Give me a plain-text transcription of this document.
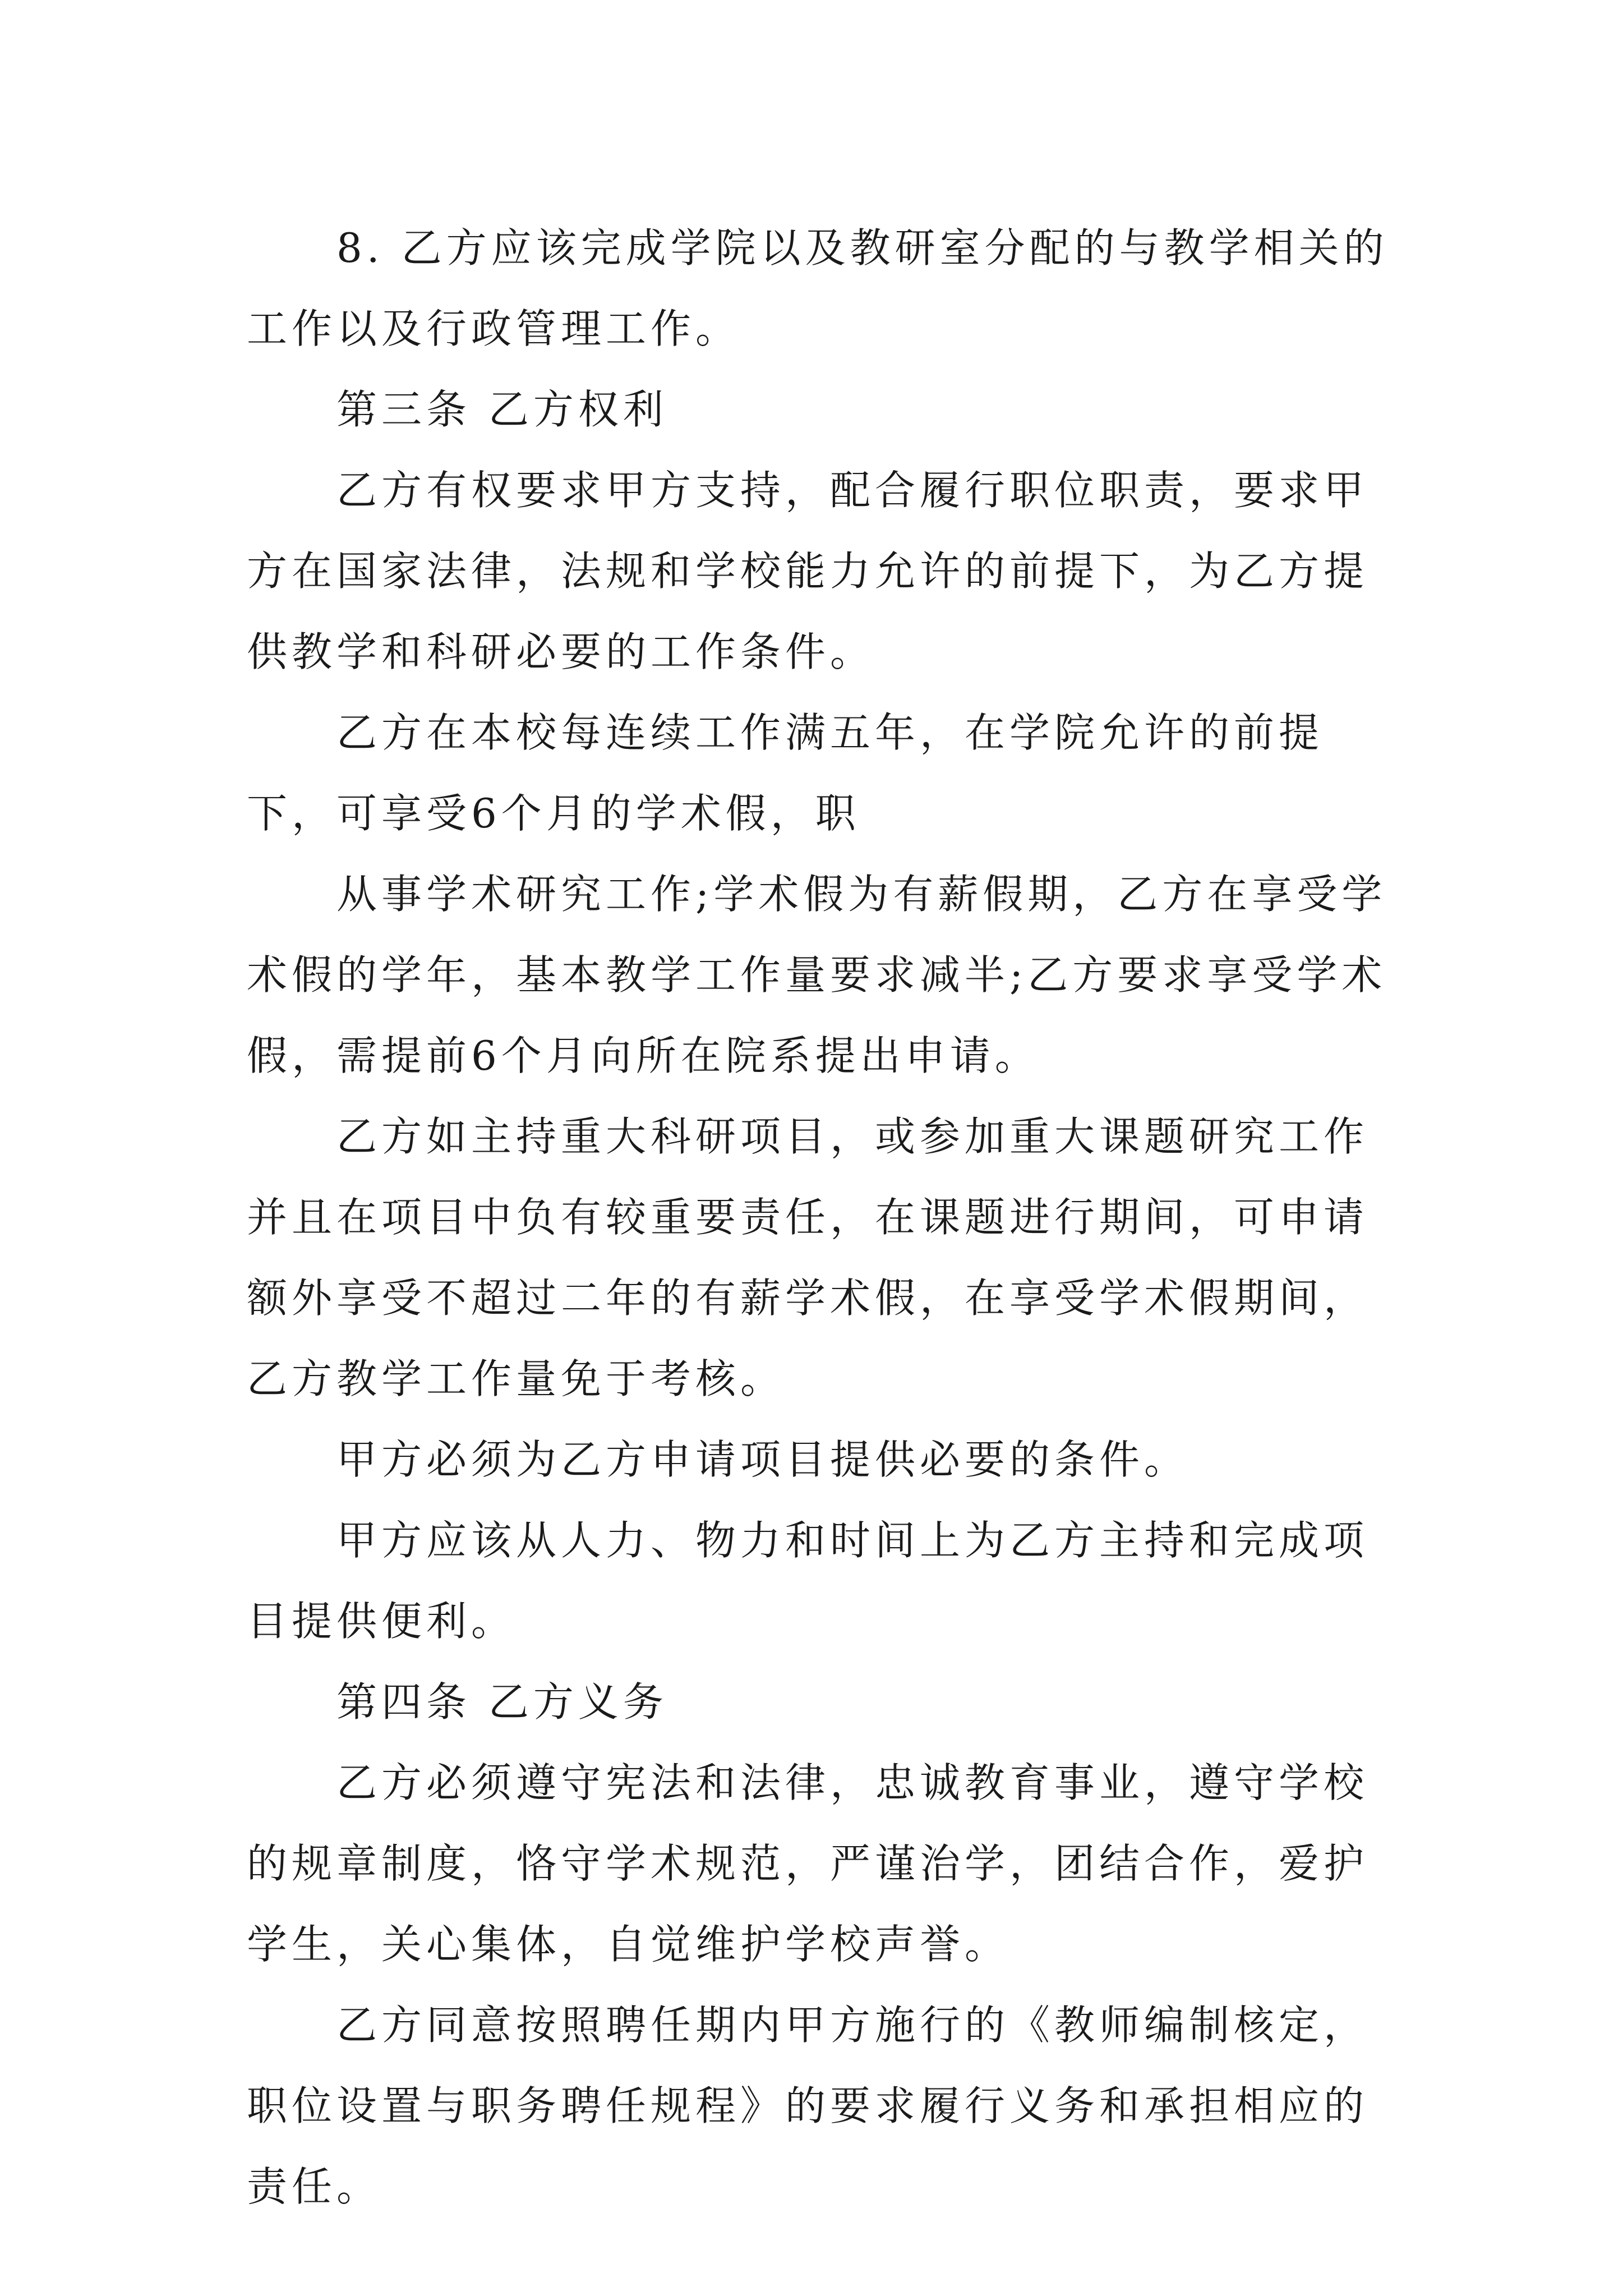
8. 乙方应该完成学院以及教研室分配的与教学相关的工作以及行政管理工作。

第三条 乙方权利

乙方有权要求甲方支持，配合履行职位职责，要求甲方在国家法律，法规和学校能力允许的前提下，为乙方提供教学和科研必要的工作条件。

乙方在本校每连续工作满五年，在学院允许的前提下，可享受6个月的学术假，职

从事学术研究工作;学术假为有薪假期，乙方在享受学术假的学年，基本教学工作量要求减半;乙方要求享受学术假，需提前6个月向所在院系提出申请。

乙方如主持重大科研项目，或参加重大课题研究工作并且在项目中负有较重要责任，在课题进行期间，可申请额外享受不超过二年的有薪学术假，在享受学术假期间，乙方教学工作量免于考核。

甲方必须为乙方申请项目提供必要的条件。

甲方应该从人力、物力和时间上为乙方主持和完成项目提供便利。

第四条 乙方义务

乙方必须遵守宪法和法律，忠诚教育事业，遵守学校的规章制度，恪守学术规范，严谨治学，团结合作，爱护学生，关心集体，自觉维护学校声誉。

乙方同意按照聘任期内甲方施行的《教师编制核定，职位设置与职务聘任规程》的要求履行义务和承担相应的责任。
